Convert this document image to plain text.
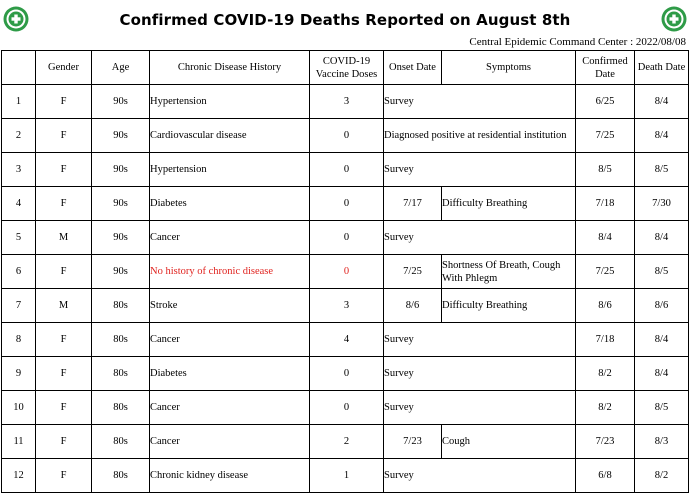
Confirmed COVID-19 Deaths Reported on August 8th
Central Epidemic Command Center : 2022/08/08
	Gender	Age	Chronic Disease History	COVID-19 Vaccine Doses	Onset Date	Symptoms	Confirmed Date	Death Date
1	F	90s	Hypertension	3	Survey		6/25	8/4
2	F	90s	Cardiovascular disease	0	Diagnosed positive at residential institution		7/25	8/4
3	F	90s	Hypertension	0	Survey		8/5	8/5
4	F	90s	Diabetes	0	7/17	Difficulty Breathing	7/18	7/30
5	M	90s	Cancer	0	Survey		8/4	8/4
6	F	90s	No history of chronic disease	0	7/25	Shortness Of Breath, Cough With Phlegm	7/25	8/5
7	M	80s	Stroke	3	8/6	Difficulty Breathing	8/6	8/6
8	F	80s	Cancer	4	Survey		7/18	8/4
9	F	80s	Diabetes	0	Survey		8/2	8/4
10	F	80s	Cancer	0	Survey		8/2	8/5
11	F	80s	Cancer	2	7/23	Cough	7/23	8/3
12	F	80s	Chronic kidney disease	1	Survey		6/8	8/2
